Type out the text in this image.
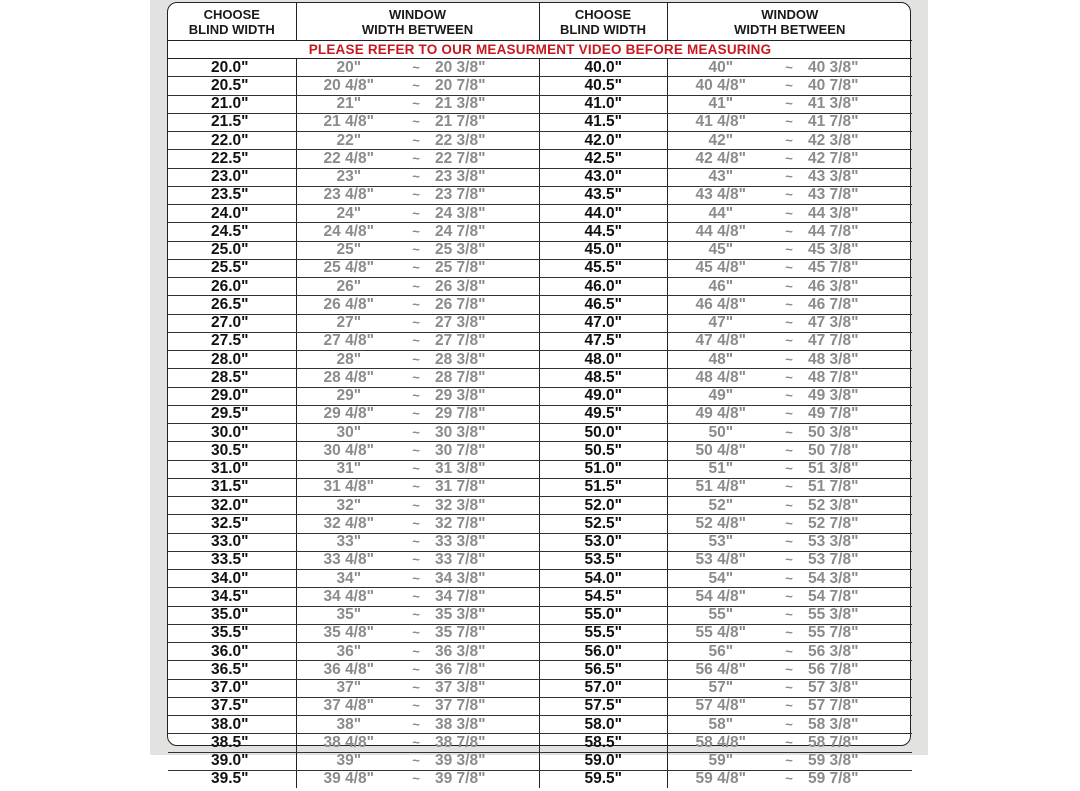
CHOOSE
BLIND WIDTH	WINDOW
WIDTH BETWEEN			CHOOSE
BLIND WIDTH	WINDOW
WIDTH BETWEEN		

PLEASE REFER TO OUR MEASURMENT VIDEO BEFORE MEASURING							
20.0"	20"	~	20 3/8"	40.0"	40"	~	40 3/8"
20.5"	20 4/8"	~	20 7/8"	40.5"	40 4/8"	~	40 7/8"
21.0"	21"	~	21 3/8"	41.0"	41"	~	41 3/8"
21.5"	21 4/8"	~	21 7/8"	41.5"	41 4/8"	~	41 7/8"
22.0"	22"	~	22 3/8"	42.0"	42"	~	42 3/8"
22.5"	22 4/8"	~	22 7/8"	42.5"	42 4/8"	~	42 7/8"
23.0"	23"	~	23 3/8"	43.0"	43"	~	43 3/8"
23.5"	23 4/8"	~	23 7/8"	43.5"	43 4/8"	~	43 7/8"
24.0"	24"	~	24 3/8"	44.0"	44"	~	44 3/8"
24.5"	24 4/8"	~	24 7/8"	44.5"	44 4/8"	~	44 7/8"
25.0"	25"	~	25 3/8"	45.0"	45"	~	45 3/8"
25.5"	25 4/8"	~	25 7/8"	45.5"	45 4/8"	~	45 7/8"
26.0"	26"	~	26 3/8"	46.0"	46"	~	46 3/8"
26.5"	26 4/8"	~	26 7/8"	46.5"	46 4/8"	~	46 7/8"
27.0"	27"	~	27 3/8"	47.0"	47"	~	47 3/8"
27.5"	27 4/8"	~	27 7/8"	47.5"	47 4/8"	~	47 7/8"
28.0"	28"	~	28 3/8"	48.0"	48"	~	48 3/8"
28.5"	28 4/8"	~	28 7/8"	48.5"	48 4/8"	~	48 7/8"
29.0"	29"	~	29 3/8"	49.0"	49"	~	49 3/8"
29.5"	29 4/8"	~	29 7/8"	49.5"	49 4/8"	~	49 7/8"
30.0"	30"	~	30 3/8"	50.0"	50"	~	50 3/8"
30.5"	30 4/8"	~	30 7/8"	50.5"	50 4/8"	~	50 7/8"
31.0"	31"	~	31 3/8"	51.0"	51"	~	51 3/8"
31.5"	31 4/8"	~	31 7/8"	51.5"	51 4/8"	~	51 7/8"
32.0"	32"	~	32 3/8"	52.0"	52"	~	52 3/8"
32.5"	32 4/8"	~	32 7/8"	52.5"	52 4/8"	~	52 7/8"
33.0"	33"	~	33 3/8"	53.0"	53"	~	53 3/8"
33.5"	33 4/8"	~	33 7/8"	53.5"	53 4/8"	~	53 7/8"
34.0"	34"	~	34 3/8"	54.0"	54"	~	54 3/8"
34.5"	34 4/8"	~	34 7/8"	54.5"	54 4/8"	~	54 7/8"
35.0"	35"	~	35 3/8"	55.0"	55"	~	55 3/8"
35.5"	35 4/8"	~	35 7/8"	55.5"	55 4/8"	~	55 7/8"
36.0"	36"	~	36 3/8"	56.0"	56"	~	56 3/8"
36.5"	36 4/8"	~	36 7/8"	56.5"	56 4/8"	~	56 7/8"
37.0"	37"	~	37 3/8"	57.0"	57"	~	57 3/8"
37.5"	37 4/8"	~	37 7/8"	57.5"	57 4/8"	~	57 7/8"
38.0"	38"	~	38 3/8"	58.0"	58"	~	58 3/8"
38.5"	38 4/8"	~	38 7/8"	58.5"	58 4/8"	~	58 7/8"
39.0"	39"	~	39 3/8"	59.0"	59"	~	59 3/8"
39.5"	39 4/8"	~	39 7/8"	59.5"	59 4/8"	~	59 7/8"
